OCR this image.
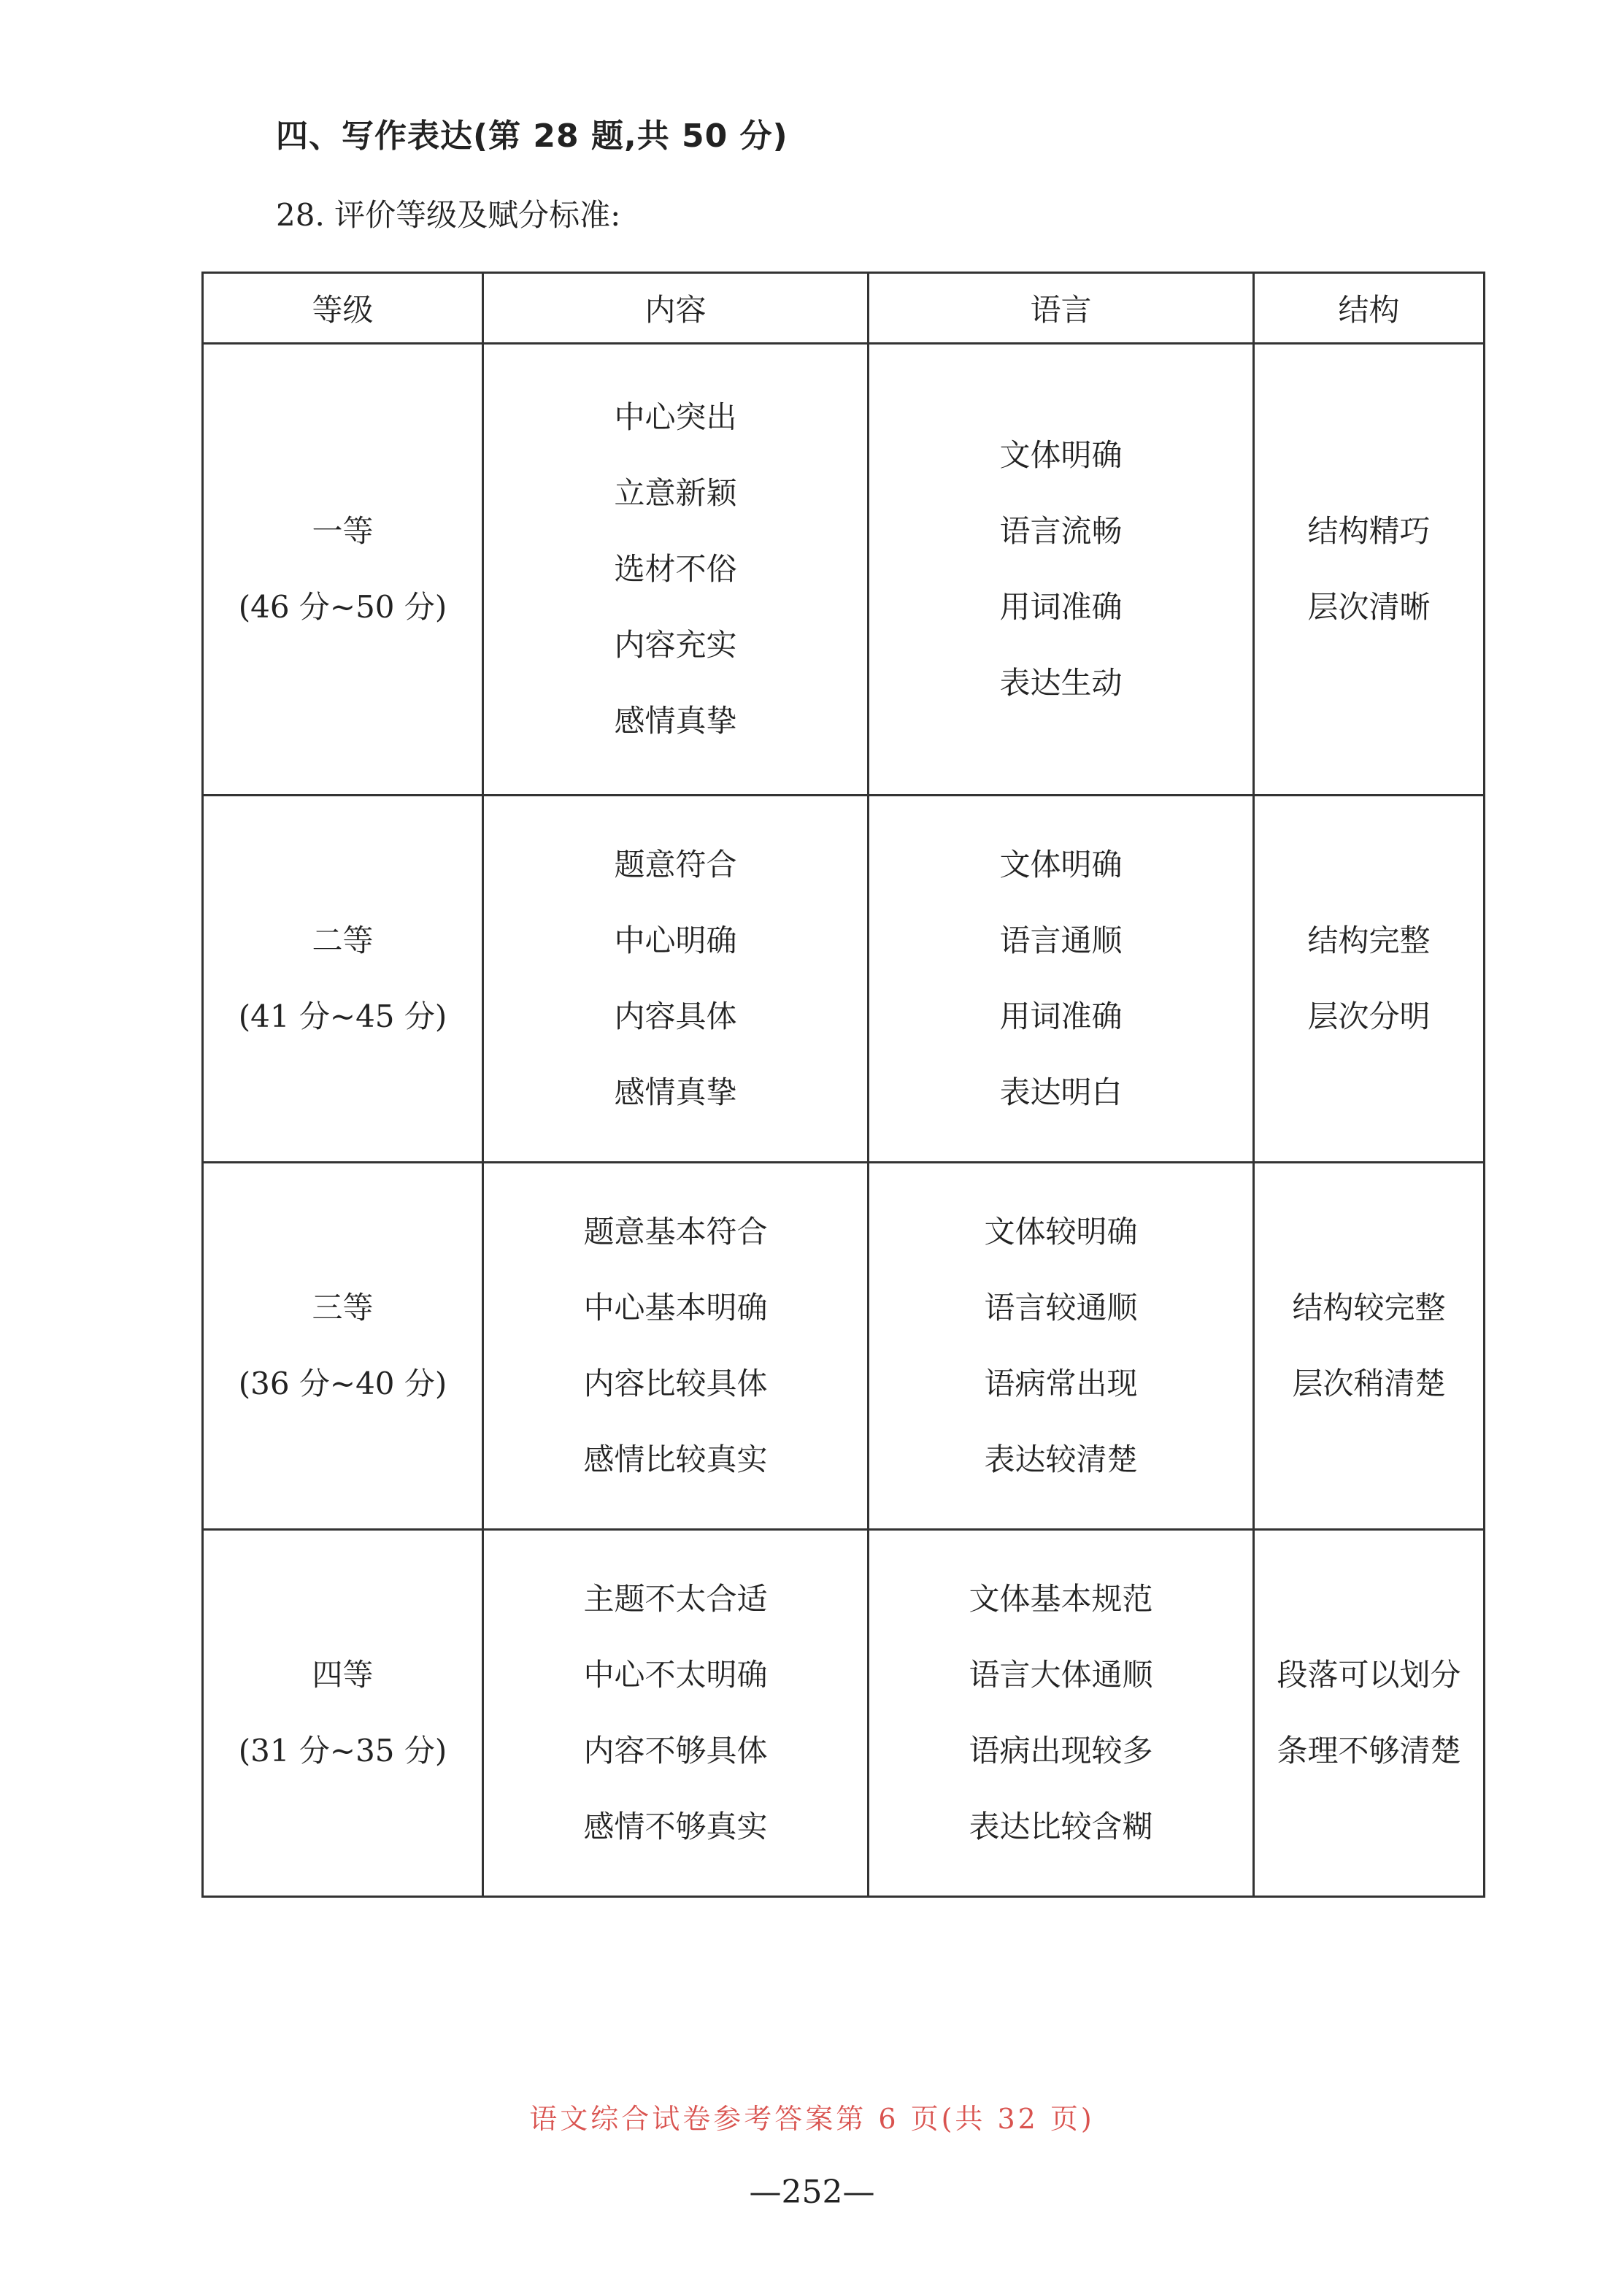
四、写作表达(第 28 题,共 50 分)
28. 评价等级及赋分标准:
等级	内容	语言	结构

一等
(46 分~50 分)	中心突出
立意新颖
选材不俗
内容充实
感情真挚	文体明确
语言流畅
用词准确
表达生动	结构精巧
层次清晰

二等
(41 分~45 分)	题意符合
中心明确
内容具体
感情真挚	文体明确
语言通顺
用词准确
表达明白	结构完整
层次分明

三等
(36 分~40 分)	题意基本符合
中心基本明确
内容比较具体
感情比较真实	文体较明确
语言较通顺
语病常出现
表达较清楚	结构较完整
层次稍清楚

四等
(31 分~35 分)	主题不太合适
中心不太明确
内容不够具体
感情不够真实	文体基本规范
语言大体通顺
语病出现较多
表达比较含糊	段落可以划分
条理不够清楚
语文综合试卷参考答案第 6 页(共 32 页)
—252—
